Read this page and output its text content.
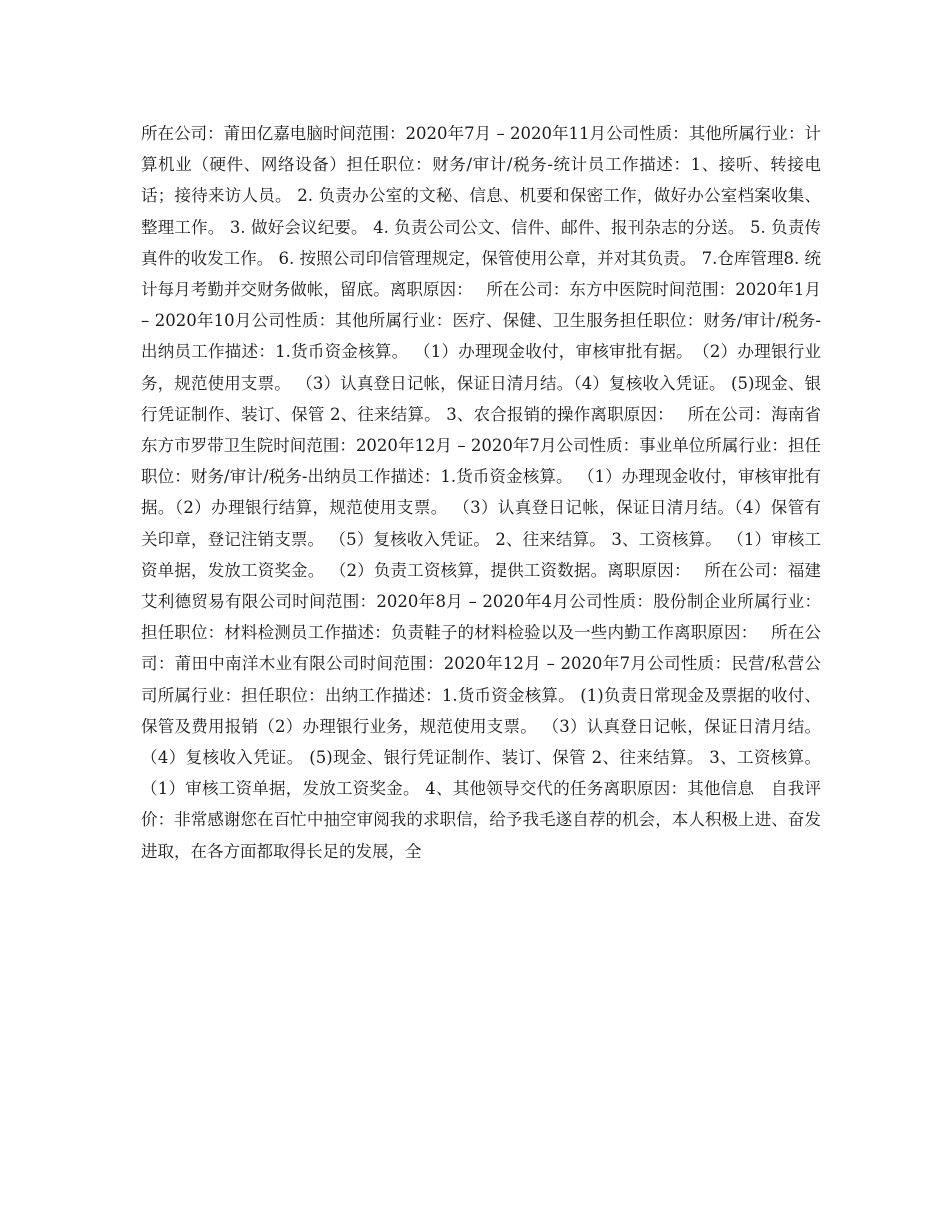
所在公司：莆田亿嘉电脑时间范围：2020年7月 – 2020年11月公司性质：其他所属行业：计算机业（硬件、网络设备）担任职位：财务/审计/税务-统计员工作描述：1、接听、转接电话；接待来访人员。 2. 负责办公室的文秘、信息、机要和保密工作，做好办公室档案收集、整理工作。 3. 做好会议纪要。 4. 负责公司公文、信件、邮件、报刊杂志的分送。 5. 负责传真件的收发工作。 6. 按照公司印信管理规定，保管使用公章，并对其负责。 7.仓库管理8. 统计每月考勤并交财务做帐，留底。离职原因：　 所在公司：东方中医院时间范围：2020年1月 – 2020年10月公司性质：其他所属行业：医疗、保健、卫生服务担任职位：财务/审计/税务-出纳员工作描述：1.货币资金核算。 （1）办理现金收付，审核审批有据。　（2）办理银行业务，规范使用支票。 （3）认真登日记帐，保证日清月结。（4）复核收入凭证。 (5)现金、银行凭证制作、装订、保管 2、往来结算。 3、农合报销的操作离职原因：　 所在公司：海南省东方市罗带卫生院时间范围：2020年12月 – 2020年7月公司性质：事业单位所属行业：担任职位：财务/审计/税务-出纳员工作描述：1.货币资金核算。 （1）办理现金收付，审核审批有据。（2）办理银行结算，规范使用支票。 （3）认真登日记帐，保证日清月结。（4）保管有关印章，登记注销支票。 （5）复核收入凭证。 2、往来结算。 3、工资核算。 （1）审核工资单据，发放工资奖金。 （2）负责工资核算，提供工资数据。离职原因：　 所在公司：福建艾利德贸易有限公司时间范围：2020年8月 – 2020年4月公司性质：股份制企业所属行业：担任职位：材料检测员工作描述：负责鞋子的材料检验以及一些内勤工作离职原因：　 所在公司：莆田中南洋木业有限公司时间范围：2020年12月 – 2020年7月公司性质：民营/私营公司所属行业：担任职位：出纳工作描述：1.货币资金核算。 (1)负责日常现金及票据的收付、保管及费用报销（2）办理银行业务，规范使用支票。 （3）认真登日记帐，保证日清月结。 （4）复核收入凭证。 (5)现金、银行凭证制作、装订、保管 2、往来结算。 3、工资核算。 （1）审核工资单据，发放工资奖金。 4、其他领导交代的任务离职原因：其他信息　自我评价：非常感谢您在百忙中抽空审阅我的求职信，给予我毛遂自荐的机会，本人积极上进、奋发进取，在各方面都取得长足的发展，全
